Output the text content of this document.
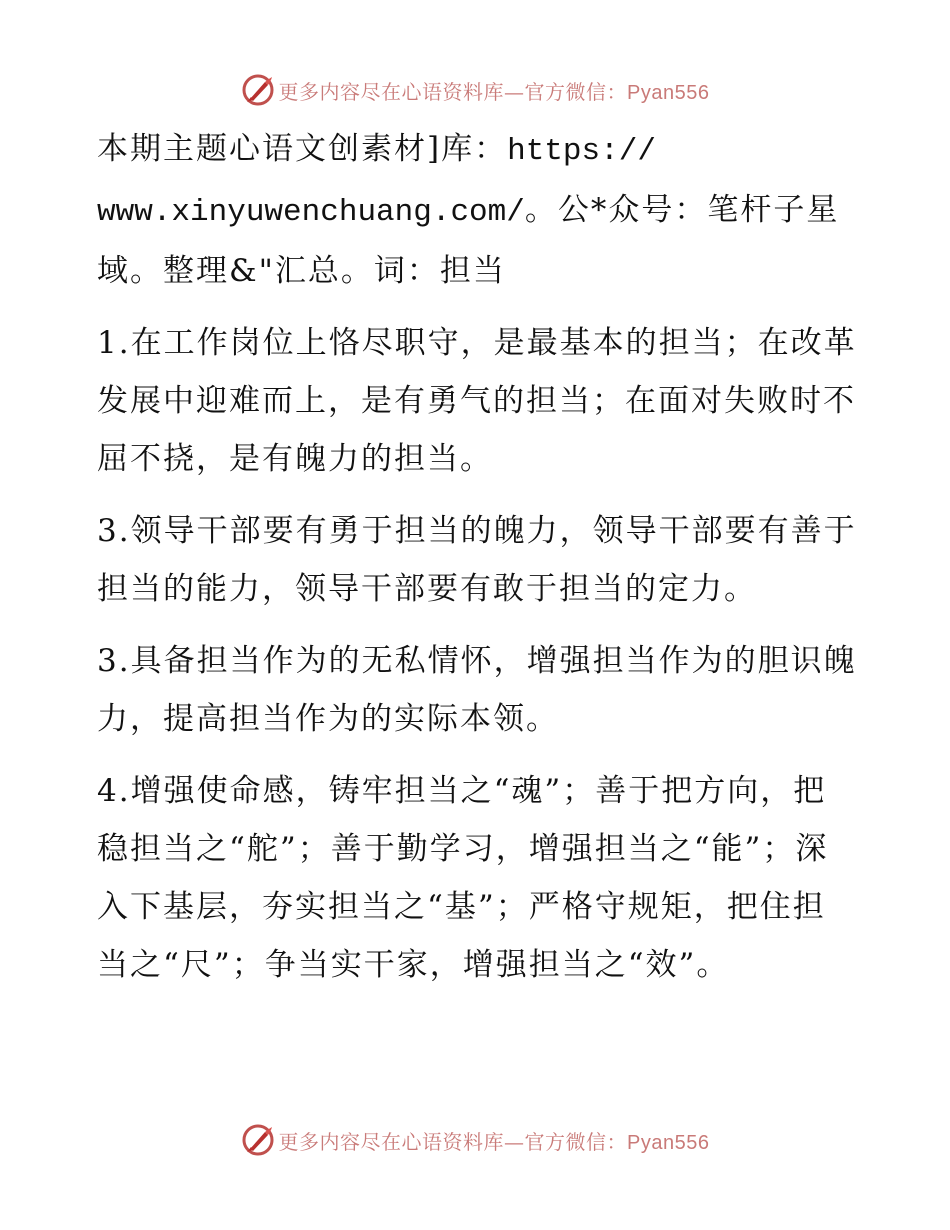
更多内容尽在心语资料库—官方微信：Pyan556

本期主题心语文创素材]库：https://
www.xinyuwenchuang.com/。公*众号：笔杆子星域。整理&"汇总。词：担当

1.在工作岗位上恪尽职守，是最基本的担当；在改革发展中迎难而上，是有勇气的担当；在面对失败时不屈不挠，是有魄力的担当。

3.领导干部要有勇于担当的魄力，领导干部要有善于担当的能力，领导干部要有敢于担当的定力。

3.具备担当作为的无私情怀，增强担当作为的胆识魄力，提高担当作为的实际本领。

4.增强使命感，铸牢担当之“魂”；善于把方向，把稳担当之“舵”；善于勤学习，增强担当之“能”；深入下基层，夯实担当之“基”；严格守规矩，把住担当之“尺”；争当实干家，增强担当之“效”。

更多内容尽在心语资料库—官方微信：Pyan556
